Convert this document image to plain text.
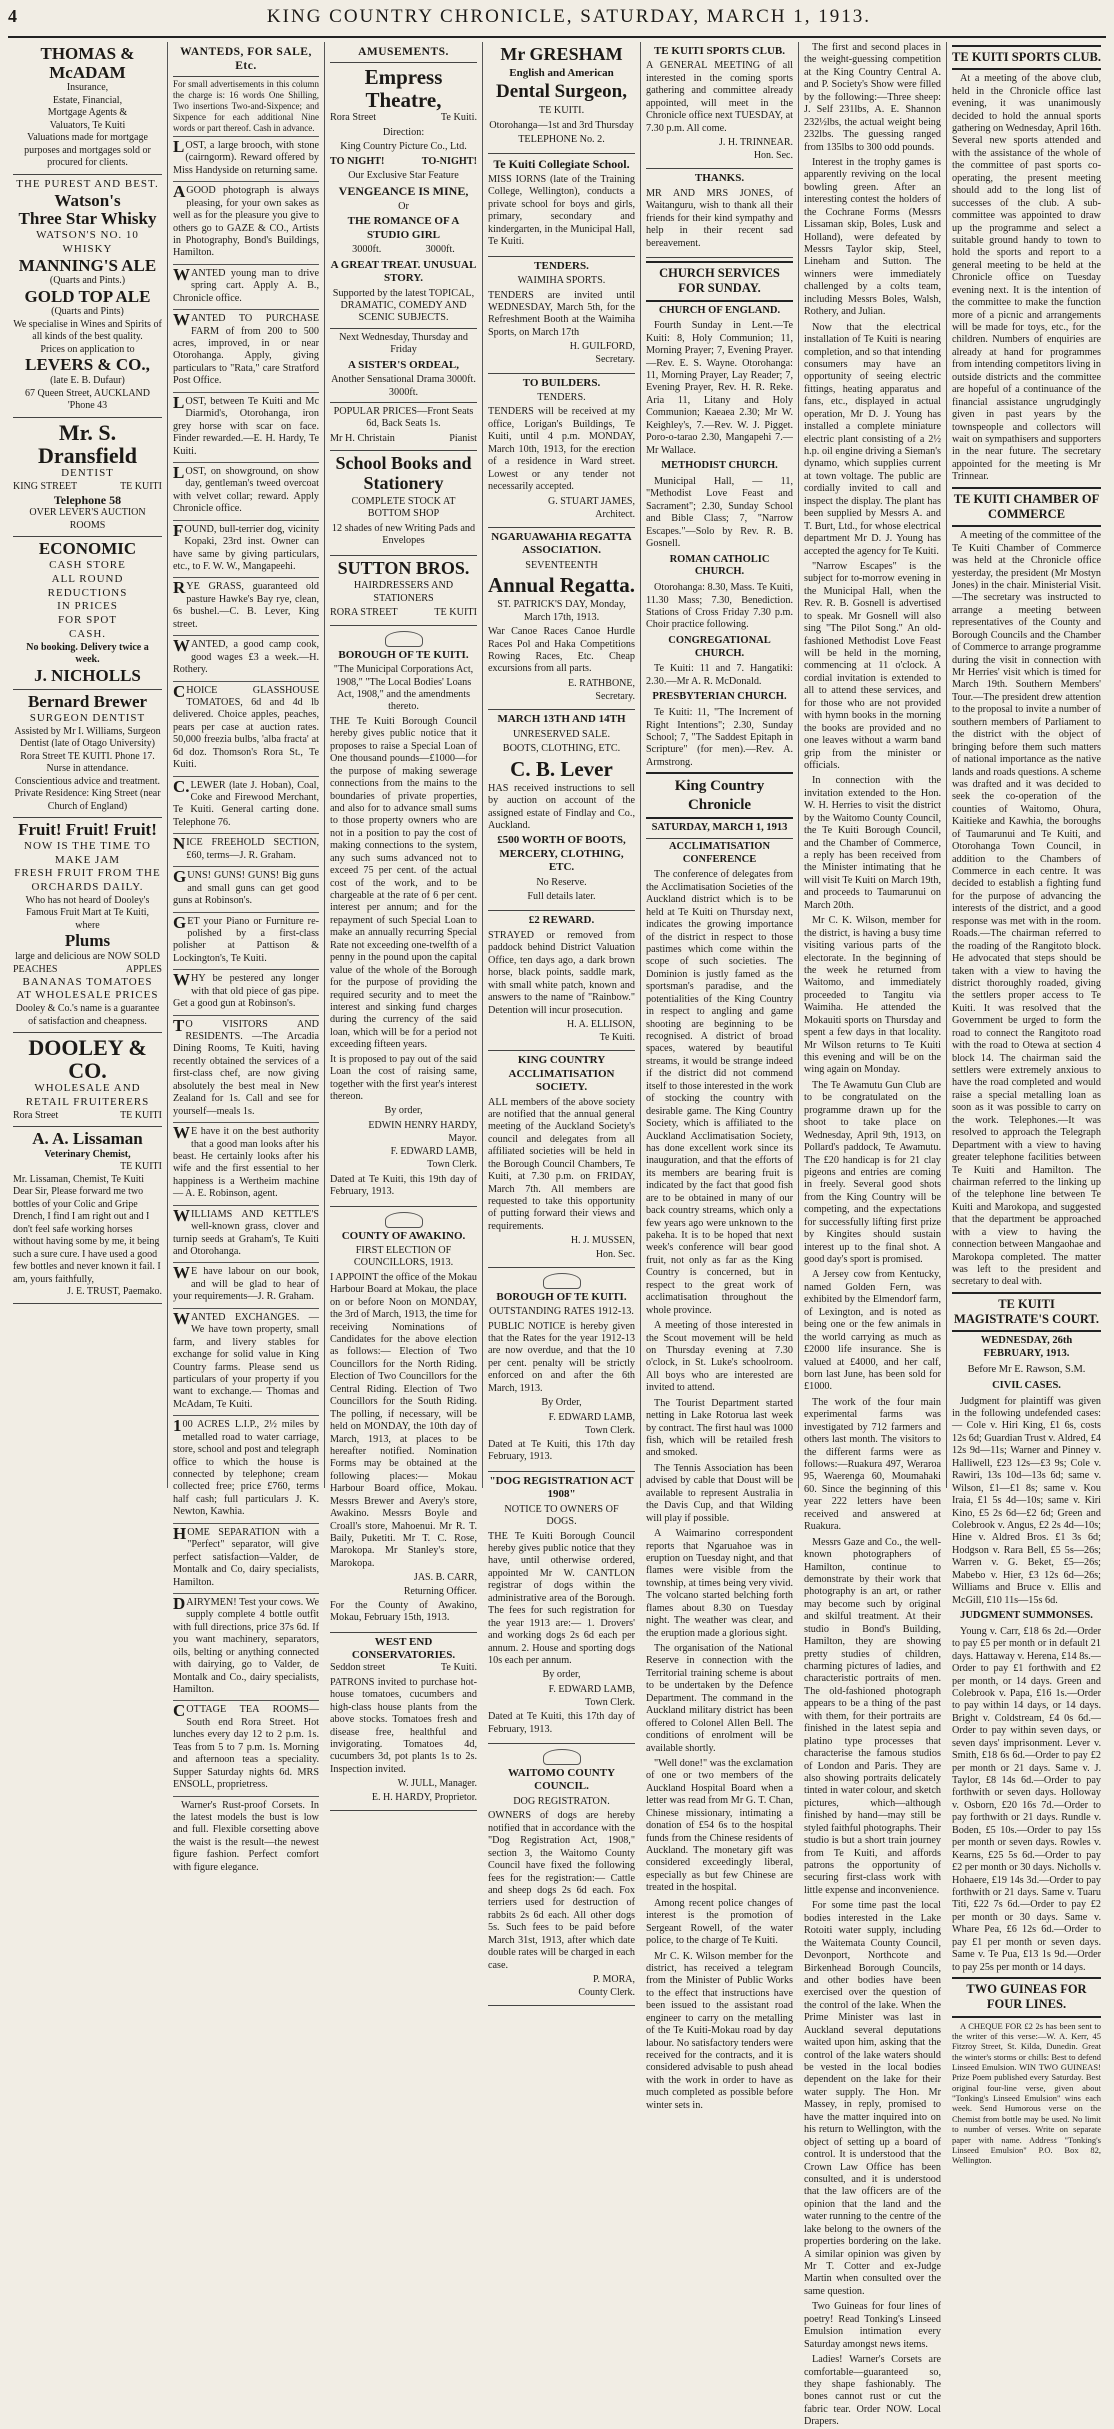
4	KING COUNTRY CHRONICLE, SATURDAY, MARCH 1, 1913.
THOMAS & McADAM
Insurance,
Estate, Financial,
Mortgage Agents &
Valuators, Te Kuiti
Valuations made for mortgage purposes and mortgages sold or procured for clients.
THE PUREST AND BEST.
Watson's
Three Star Whisky
WATSON'S NO. 10 WHISKY
MANNING'S ALE
(Quarts and Pints.)
GOLD TOP ALE
(Quarts and Pints)
We specialise in Wines and Spirits of all kinds of the best quality.
Prices on application to
LEVERS & CO.,
(late E. B. Dufaur)
67 Queen Street, AUCKLAND
'Phone 43
Mr. S. Dransfield
DENTIST
KING STREET	TE KUITI
Telephone 58
OVER LEVER'S AUCTION ROOMS
ECONOMIC
CASH STORE
ALL ROUND
REDUCTIONS
IN PRICES
FOR SPOT
CASH.
No booking. Delivery twice a week.
J. NICHOLLS
Bernard Brewer
SURGEON DENTIST
Assisted by Mr I. Williams, Surgeon Dentist (late of Otago University) Rora Street TE KUITI. Phone 17.
Nurse in attendance.
Conscientious advice and treatment.
Private Residence: King Street (near Church of England)
Fruit! Fruit! Fruit!
NOW IS THE TIME TO MAKE JAM
FRESH FRUIT FROM THE ORCHARDS DAILY.
Who has not heard of Dooley's Famous Fruit Mart at Te Kuiti, where
Plums
large and delicious are NOW SOLD
PEACHES	APPLES
BANANAS TOMATOES
AT WHOLESALE PRICES
Dooley & Co.'s name is a guarantee of satisfaction and cheapness.
DOOLEY & CO.
WHOLESALE AND RETAIL FRUITERERS
Rora Street	TE KUITI
A. A. Lissaman
Veterinary Chemist,
TE KUITI
Mr. Lissaman, Chemist, Te Kuiti Dear Sir, Please forward me two bottles of your Colic and Gripe Drench, I find I am right out and I don't feel safe working horses without having some by me, it being such a sure cure. I have used a good few bottles and never known it fail. I am, yours faithfully,
J. E. TRUST, Paemako.
WANTEDS, FOR SALE, Etc.
For small advertisements in this column the charge is: 16 words One Shilling, Two insertions Two-and-Sixpence; and Sixpence for each additional Nine words or part thereof. Cash in advance.
LOST, a large brooch, with stone (cairngorm). Reward offered by Miss Handyside on returning same.
AGOOD photograph is always pleasing, for your own sakes as well as for the pleasure you give to others go to GAZE & CO., Artists in Photography, Bond's Buildings, Hamilton.
WANTED young man to drive spring cart. Apply A. B., Chronicle office.
WANTED TO PURCHASE FARM of from 200 to 500 acres, improved, in or near Otorohanga. Apply, giving particulars to "Rata," care Stratford Post Office.
LOST, between Te Kuiti and Mc Diarmid's, Otorohanga, iron grey horse with scar on face. Finder rewarded.—E. H. Hardy, Te Kuiti.
LOST, on showground, on show day, gentleman's tweed overcoat with velvet collar; reward. Apply Chronicle office.
FOUND, bull-terrier dog, vicinity Kopaki, 23rd inst. Owner can have same by giving particulars, etc., to F. W. W., Mangapeehi.
RYE GRASS, guaranteed old pasture Hawke's Bay rye, clean, 6s bushel.—C. B. Lever, King street.
WANTED, a good camp cook, good wages £3 a week.—H. Rothery.
CHOICE GLASSHOUSE TOMATOES, 6d and 4d lb delivered. Choice apples, peaches, pears per case at auction rates. 50,000 freezia bulbs, 'alba fracta' at 6d doz. Thomson's Rora St., Te Kuiti.
C.LEWER (late J. Hoban), Coal, Coke and Firewood Merchant, Te Kuiti. General carting done. Telephone 76.
NICE FREEHOLD SECTION, £60, terms—J. R. Graham.
GUNS! GUNS! GUNS! Big guns and small guns can get good guns at Robinson's.
GET your Piano or Furniture re-polished by a first-class polisher at Pattison & Lockington's, Te Kuiti.
WHY be pestered any longer with that old piece of gas pipe. Get a good gun at Robinson's.
TO VISITORS AND RESIDENTS. —The Arcadia Dining Rooms, Te Kuiti, having recently obtained the services of a first-class chef, are now giving absolutely the best meal in New Zealand for 1s. Call and see for yourself—meals 1s.
WE have it on the best authority that a good man looks after his beast. He certainly looks after his wife and the first essential to her happiness is a Wertheim machine— A. E. Robinson, agent.
WILLIAMS AND KETTLE'S well-known grass, clover and turnip seeds at Graham's, Te Kuiti and Otorohanga.
WE have labour on our book, and will be glad to hear of your requirements—J. R. Graham.
WANTED EXCHANGES. — We have town property, small farm, and livery stables for exchange for solid value in King Country farms. Please send us particulars of your property if you want to exchange.— Thomas and McAdam, Te Kuiti.
100 ACRES L.I.P., 2½ miles by metalled road to water carriage, store, school and post and telegraph office to which the house is connected by telephone; cream collected free; price £760, terms half cash; full particulars J. K. Newton, Kawhia.
HOME SEPARATION with a "Perfect" separator, will give perfect satisfaction—Valder, de Montalk and Co, dairy specialists, Hamilton.
DAIRYMEN! Test your cows. We supply complete 4 bottle outfit with full directions, price 37s 6d. If you want machinery, separators, oils, belting or anything connected with dairying, go to Valder, de Montalk and Co., dairy specialists, Hamilton.
COTTAGE TEA ROOMS—South end Rora Street. Hot lunches every day 12 to 2 p.m. 1s. Teas from 5 to 7 p.m. 1s. Morning and afternoon teas a speciality. Supper Saturday nights 6d. MRS ENSOLL, proprietress.
Warner's Rust-proof Corsets. In the latest models the bust is low and full. Flexible corsetting above the waist is the result—the newest figure fashion. Perfect comfort with figure elegance.
AMUSEMENTS.
Empress Theatre,
Rora Street	Te Kuiti.

Direction:

King Country Picture Co., Ltd.

TO NIGHT!	TO-NIGHT!

Our Exclusive Star Feature

VENGEANCE IS MINE,

Or

THE ROMANCE OF A STUDIO GIRL

3000ft.	3000ft.

A GREAT TREAT. UNUSUAL STORY.

Supported by the latest TOPICAL, DRAMATIC, COMEDY AND SCENIC SUBJECTS.

Next Wednesday, Thursday and Friday

A SISTER'S ORDEAL,

Another Sensational Drama 3000ft. 3000ft.

POPULAR PRICES—Front Seats 6d, Back Seats 1s.

Mr H. Christain	Pianist
School Books and Stationery

COMPLETE STOCK AT BOTTOM SHOP

12 shades of new Writing Pads and Envelopes

SUTTON BROS.

HAIRDRESSERS AND STATIONERS

RORA STREET	TE KUITI
BOROUGH OF TE KUITI.

"The Municipal Corporations Act, 1908," "The Local Bodies' Loans Act, 1908," and the amendments thereto.

THE Te Kuiti Borough Council hereby gives public notice that it proposes to raise a Special Loan of One thousand pounds—£1000—for the purpose of making sewerage connections from the mains to the boundaries of private properties, and also for to advance small sums to those property owners who are not in a position to pay the cost of making connections to the system, any such sums advanced not to exceed 75 per cent. of the actual cost of the work, and to be chargeable at the rate of 6 per cent. interest per annum; and for the repayment of such Special Loan to make an annually recurring Special Rate not exceeding one-twelfth of a penny in the pound upon the capital value of the whole of the Borough for the purpose of providing the required security and to meet the interest and sinking fund charges during the currency of the said loan, which will be for a period not exceeding fifteen years.
It is proposed to pay out of the said Loan the cost of raising same, together with the first year's interest thereon.

By order,

EDWIN HENRY HARDY,
Mayor.
F. EDWARD LAMB,
Town Clerk.
Dated at Te Kuiti, this 19th day of February, 1913.
COUNTY OF AWAKINO.

FIRST ELECTION OF COUNCILLORS, 1913.

I APPOINT the office of the Mokau Harbour Board at Mokau, the place on or before Noon on MONDAY, the 3rd of March, 1913, the time for receiving Nominations of Candidates for the above election as follows:— Election of Two Councillors for the North Riding. Election of Two Councillors for the Central Riding. Election of Two Councillors for the South Riding. The polling, if necessary, will be held on MONDAY, the 10th day of March, 1913, at places to be hereafter notified. Nomination Forms may be obtained at the following places:— Mokau Harbour Board office, Mokau. Messrs Brewer and Avery's store, Awakino. Messrs Boyle and Croall's store, Mahoenui. Mr R. T. Baily, Puketiti. Mr T. C. Rose, Marokopa. Mr Stanley's store, Marokopa.
JAS. B. CARR,
Returning Officer.
For the County of Awakino, Mokau, February 15th, 1913.
WEST END CONSERVATORIES.
Seddon street	Te Kuiti.
PATRONS invited to purchase hot-house tomatoes, cucumbers and high-class house plants from the above stocks. Tomatoes fresh and disease free, healthful and invigorating. Tomatoes 4d, cucumbers 3d, pot plants 1s to 2s. Inspection invited.
W. JULL, Manager.
E. H. HARDY, Proprietor.
Mr GRESHAM

English and American

Dental Surgeon,

TE KUITI.

Otorohanga—1st and 3rd Thursday

TELEPHONE No. 2.

Te Kuiti Collegiate School.
MISS IORNS (late of the Training College, Wellington), conducts a private school for boys and girls, primary, secondary and kindergarten, in the Municipal Hall, Te Kuiti.
TENDERS.

WAIMIHA SPORTS.

TENDERS are invited until WEDNESDAY, March 5th, for the Refreshment Booth at the Waimiha Sports, on March 17th
H. GUILFORD,
Secretary.
TO BUILDERS.

TENDERS.

TENDERS will be received at my office, Lorigan's Buildings, Te Kuiti, until 4 p.m. MONDAY, March 10th, 1913, for the erection of a residence in Ward street. Lowest or any tender not necessarily accepted.
G. STUART JAMES,
Architect.
NGARUAWAHIA REGATTA ASSOCIATION.

SEVENTEENTH

Annual Regatta.

ST. PATRICK'S DAY, Monday, March 17th, 1913.

War Canoe Races Canoe Hurdle Races Pol and Haka Competitions Rowing Races, Etc. Cheap excursions from all parts.
E. RATHBONE,
Secretary.
MARCH 13TH AND 14TH

UNRESERVED SALE.

BOOTS, CLOTHING, ETC.

C. B. Lever
HAS received instructions to sell by auction on account of the assigned estate of Findlay and Co., Auckland.

£500 WORTH OF BOOTS, MERCERY, CLOTHING, ETC.

No Reserve.

Full details later.

£2 REWARD.
STRAYED or removed from paddock behind District Valuation Office, ten days ago, a dark brown horse, black points, saddle mark, with small white patch, known and answers to the name of "Rainbow." Detention will incur prosecution.
H. A. ELLISON,
Te Kuiti.
KING COUNTRY ACCLIMATISATION SOCIETY.
ALL members of the above society are notified that the annual general meeting of the Auckland Society's council and delegates from all affiliated societies will be held in the Borough Council Chambers, Te Kuiti, at 7.30 p.m. on FRIDAY, March 7th. All members are requested to take this opportunity of putting forward their views and requirements.
H. J. MUSSEN,
Hon. Sec.
BOROUGH OF TE KUITI.

OUTSTANDING RATES 1912-13.

PUBLIC NOTICE is hereby given that the Rates for the year 1912-13 are now overdue, and that the 10 per cent. penalty will be strictly enforced on and after the 6th March, 1913.

By Order,

F. EDWARD LAMB,
Town Clerk.
Dated at Te Kuiti, this 17th day February, 1913.
"DOG REGISTRATION ACT 1908"

NOTICE TO OWNERS OF DOGS.

THE Te Kuiti Borough Council hereby gives public notice that they have, until otherwise ordered, appointed Mr W. CANTLON registrar of dogs within the administrative area of the Borough. The fees for such registration for the year 1913 are:— 1. Drovers' and working dogs 2s 6d each per annum. 2. House and sporting dogs 10s each per annum.

By order,

F. EDWARD LAMB,
Town Clerk.
Dated at Te Kuiti, this 17th day of February, 1913.
WAITOMO COUNTY COUNCIL.

DOG REGISTRATON.

OWNERS of dogs are hereby notified that in accordance with the "Dog Registration Act, 1908," section 3, the Waitomo County Council have fixed the following fees for the registration:— Cattle and sheep dogs 2s 6d each. Fox terriers used for destruction of rabbits 2s 6d each. All other dogs 5s. Such fees to be paid before March 31st, 1913, after which date double rates will be charged in each case.
P. MORA,
County Clerk.
TE KUITI SPORTS CLUB.
A GENERAL MEETING of all interested in the coming sports gathering and committee already appointed, will meet in the Chronicle office next TUESDAY, at 7.30 p.m. All come.
J. H. TRINNEAR.
Hon. Sec.
THANKS.
MR AND MRS JONES, of Waitanguru, wish to thank all their friends for their kind sympathy and help in their recent sad bereavement.
CHURCH SERVICES FOR SUNDAY.
CHURCH OF ENGLAND.
Fourth Sunday in Lent.—Te Kuiti: 8, Holy Communion; 11, Morning Prayer; 7, Evening Prayer.—Rev. E. S. Wayne. Otorohanga: 11, Morning Prayer, Lay Reader; 7, Evening Prayer, Rev. H. R. Reke. Aria 11, Litany and Holy Communion; Kaeaea 2.30; Mr W. Keighley's, 7.—Rev. W. J. Pigget. Poro-o-tarao 2.30, Mangapehi 7.—Mr Wallace.
METHODIST CHURCH.
Municipal Hall, — 11, "Methodist Love Feast and Sacrament"; 2.30, Sunday School and Bible Class; 7, "Narrow Escapes."—Solo by Rev. R. B. Gosnell.
ROMAN CATHOLIC CHURCH.
Otorohanga: 8.30, Mass. Te Kuiti, 11.30 Mass; 7.30, Benediction. Stations of Cross Friday 7.30 p.m. Choir practice following.
CONGREGATIONAL CHURCH.
Te Kuiti: 11 and 7. Hangatiki: 2.30.—Mr A. R. McDonald.
PRESBYTERIAN CHURCH.
Te Kuiti: 11, "The Increment of Right Intentions"; 2.30, Sunday School; 7, "The Saddest Epitaph in Scripture" (for men).—Rev. A. Armstrong.
King Country Chronicle
SATURDAY, MARCH 1, 1913
ACCLIMATISATION CONFERENCE
The conference of delegates from the Acclimatisation Societies of the Auckland district which is to be held at Te Kuiti on Thursday next, indicates the growing importance of the district in respect to those pastimes which come within the scope of such societies. The Dominion is justly famed as the sportsman's paradise, and the potentialities of the King Country in respect to angling and game shooting are beginning to be recognised. A district of broad spaces, watered by beautiful streams, it would be strange indeed if the district did not commend itself to those interested in the work of stocking the country with desirable game. The King Country Society, which is affiliated to the Auckland Acclimatisation Society, has done excellent work since its inauguration, and that the efforts of its members are bearing fruit is indicated by the fact that good fish are to be obtained in many of our back country streams, which only a few years ago were unknown to the pakeha. It is to be hoped that next week's conference will bear good fruit, not only as far as the King Country is concerned, but in respect to the great work of acclimatisation throughout the whole province.
A meeting of those interested in the Scout movement will be held on Thursday evening at 7.30 o'clock, in St. Luke's schoolroom. All boys who are interested are invited to attend.
The Tourist Department started netting in Lake Rotorua last week by contract. The first haul was 1000 fish, which will be retailed fresh and smoked.
The Tennis Association has been advised by cable that Doust will be available to represent Australia in the Davis Cup, and that Wilding will play if possible.
A Waimarino correspondent reports that Ngaruahoe was in eruption on Tuesday night, and that flames were visible from the township, at times being very vivid. The volcano started belching forth flames about 8.30 on Tuesday night. The weather was clear, and the eruption made a glorious sight.
The organisation of the National Reserve in connection with the Territorial training scheme is about to be undertaken by the Defence Department. The command in the Auckland military district has been offered to Colonel Allen Bell. The conditions of enrolment will be available shortly.
"Well done!" was the exclamation of one or two members of the Auckland Hospital Board when a letter was read from Mr G. T. Chan, Chinese missionary, intimating a donation of £54 6s to the hospital funds from the Chinese residents of Auckland. The monetary gift was considered exceedingly liberal, especially as but few Chinese are treated in the hospital.
Among recent police changes of interest is the promotion of Sergeant Rowell, of the water police, to the charge of Te Kuiti.
Mr C. K. Wilson member for the district, has received a telegram from the Minister of Public Works to the effect that instructions have been issued to the assistant road engineer to carry on the metalling of the Te Kuiti-Mokau road by day labour. No satisfactory tenders were received for the contracts, and it is considered advisable to push ahead with the work in order to have as much completed as possible before winter sets in.
The first and second places in the weight-guessing competition at the King Country Central A. and P. Society's Show were filled by the following:—Three sheep: J. Self 231lbs, A. E. Shannon 232½lbs, the actual weight being 232lbs. The guessing ranged from 135lbs to 300 odd pounds.
Interest in the trophy games is apparently reviving on the local bowling green. After an interesting contest the holders of the Cochrane Forms (Messrs Lissaman skip, Boles, Lusk and Holland), were defeated by Messrs Taylor skip, Steel, Lineham and Sutton. The winners were immediately challenged by a colts team, including Messrs Boles, Walsh, Rothery, and Julian.
Now that the electrical installation of Te Kuiti is nearing completion, and so that intending consumers may have an opportunity of seeing electric fittings, heating apparatus and fans, etc., displayed in actual operation, Mr D. J. Young has installed a complete miniature electric plant consisting of a 2½ h.p. oil engine driving a Sieman's dynamo, which supplies current at town voltage. The public are cordially invited to call and inspect the display. The plant has been supplied by Messrs A. and T. Burt, Ltd., for whose electrical department Mr D. J. Young has accepted the agency for Te Kuiti.
"Narrow Escapes" is the subject for to-morrow evening in the Municipal Hall, when the Rev. R. B. Gosnell is advertised to speak. Mr Gosnell will also sing "The Pilot Song." An old-fashioned Methodist Love Feast will be held in the morning, commencing at 11 o'clock. A cordial invitation is extended to all to attend these services, and for those who are not provided with hymn books in the morning the books are provided and no one leaves without a warm band grip from the minister or officials.
In connection with the invitation extended to the Hon. W. H. Herries to visit the district by the Waitomo County Council, the Te Kuiti Borough Council, and the Chamber of Commerce, a reply has been received from the Minister intimating that he will visit Te Kuiti on March 19th, and proceeds to Taumarunui on March 20th.
Mr C. K. Wilson, member for the district, is having a busy time visiting various parts of the electorate. In the beginning of the week he returned from Waitomo, and immediately proceeded to Tangitu via Waimiha. He attended the Mokauiti sports on Thursday and spent a few days in that locality. Mr Wilson returns to Te Kuiti this evening and will be on the wing again on Monday.
The Te Awamutu Gun Club are to be congratulated on the programme drawn up for the shoot to take place on Wednesday, April 9th, 1913, on Pollard's paddock, Te Awamutu. The £20 handicap is for 21 clay pigeons and entries are coming in freely. Several good shots from the King Country will be competing, and the expectations for successfully lifting first prize by Kingites should sustain interest up to the final shot. A good day's sport is promised.
A Jersey cow from Kentucky, named Golden Fern, was exhibited by the Elmendorf farm, of Lexington, and is noted as being one or the few animals in the world carrying as much as £2000 life insurance. She is valued at £4000, and her calf, born last June, has been sold for £1000.
The work of the four main experimental farms was investigated by 712 farmers and others last month. The visitors to the different farms were as follows:—Ruakura 497, Weraroa 95, Waerenga 60, Moumahaki 60. Since the beginning of this year 222 letters have been received and answered at Ruakura.
Messrs Gaze and Co., the well-known photographers of Hamilton, continue to demonstrate by their work that photography is an art, or rather may become such by original and skilful treatment. At their studio in Bond's Building, Hamilton, they are showing pretty studies of children, charming pictures of ladies, and characteristic portraits of men. The old-fashioned photograph appears to be a thing of the past with them, for their portraits are finished in the latest sepia and platino type processes that characterise the famous studios of London and Paris. They are also showing portraits delicately tinted in water colour, and sketch pictures, which—although finished by hand—may still be styled faithful photographs. Their studio is but a short train journey from Te Kuiti, and affords patrons the opportunity of securing first-class work with little expense and inconvenience.
For some time past the local bodies interested in the Lake Rotoiti water supply, including the Waitemata County Council, Devonport, Northcote and Birkenhead Borough Councils, and other bodies have been exercised over the question of the control of the lake. When the Prime Minister was last in Auckland several deputations waited upon him, asking that the control of the lake waters should be vested in the local bodies dependent on the lake for their water supply. The Hon. Mr Massey, in reply, promised to have the matter inquired into on his return to Wellington, with the object of setting up a board of control. It is understood that the Crown Law Office has been consulted, and it is understood that the law officers are of the opinion that the land and the water running to the centre of the lake belong to the owners of the properties bordering on the lake. A similar opinion was given by Mr T. Cotter and ex-Judge Martin when consulted over the same question.
Two Guineas for four lines of poetry! Read Tonking's Linseed Emulsion intimation every Saturday amongst news items.
Ladies! Warner's Corsets are comfortable—guaranteed so, they shape fashionably. The bones cannot rust or cut the fabric tear. Order NOW. Local Drapers.
TE KUITI SPORTS CLUB.
At a meeting of the above club, held in the Chronicle office last evening, it was unanimously decided to hold the annual sports gathering on Wednesday, April 16th. Several new sports attended and with the assistance of the whole of the committee of past sports co-operating, the present meeting should add to the long list of successes of the club. A sub-committee was appointed to draw up the programme and select a suitable ground handy to town to hold the sports and report to a general meeting to be held at the Chronicle office on Tuesday evening next. It is the intention of the committee to make the function more of a picnic and arrangements will be made for toys, etc., for the children. Numbers of enquiries are already at hand for programmes from intending competitors living in outside districts and the committee are hopeful of a continuance of the financial assistance ungrudgingly given in past years by the townspeople and collectors will wait on sympathisers and supporters in the near future. The secretary appointed for the meeting is Mr Trinnear.
TE KUITI CHAMBER OF COMMERCE
A meeting of the committee of the Te Kuiti Chamber of Commerce was held at the Chronicle office yesterday, the president (Mr Mostyn Jones) in the chair. Ministerial Visit.—The secretary was instructed to arrange a meeting between representatives of the County and Borough Councils and the Chamber of Commerce to arrange programme during the visit in connection with Mr Herries' visit which is timed for March 19th. Southern Members' Tour.—The president drew attention to the proposal to invite a number of southern members of Parliament to the district with the object of bringing before them such matters of national importance as the native lands and roads questions. A scheme was drafted and it was decided to seek the co-operation of the counties of Waitomo, Ohura, Kaitieke and Kawhia, the boroughs of Taumarunui and Te Kuiti, and Otorohanga Town Council, in addition to the Chambers of Commerce in each centre. It was decided to establish a fighting fund for the purpose of advancing the interests of the district, and a good response was met with in the room. Roads.—The chairman referred to the roading of the Rangitoto block. He advocated that steps should be taken with a view to having the district thoroughly roaded, giving the settlers proper access to Te Kuiti. It was resolved that the Government be urged to form the road to connect the Rangitoto road with the road to Otewa at section 4 block 14. The chairman said the settlers were extremely anxious to have the road completed and would raise a special metalling loan as soon as it was possible to carry on the work. Telephones.—It was resolved to approach the Telegraph Department with a view to having greater telephone facilities between Te Kuiti and Hamilton. The chairman referred to the linking up of the telephone line between Te Kuiti and Marokopa, and suggested that the department be approached with a view to having the connection between Mangaohae and Marokopa completed. The matter was left to the president and secretary to deal with.
TE KUITI MAGISTRATE'S COURT.
WEDNESDAY, 26th FEBRUARY, 1913.
Before Mr E. Rawson, S.M.
CIVIL CASES.
Judgment for plaintiff was given in the following undefended cases:— Cole v. Hiri King, £1 6s, costs 12s 6d; Guardian Trust v. Aldred, £4 12s 9d—11s; Warner and Pinney v. Halliwell, £23 12s—£3 9s; Cole v. Rawiri, 13s 10d—13s 6d; same v. Wilson, £1—£1 8s; same v. Kou Iraia, £1 5s 4d—10s; same v. Kiri Kino, £5 2s 6d—£2 6d; Green and Colebrook v. Angus, £2 2s 4d—10s; Hine v. Aldred Bros. £1 3s 6d; Hodgson v. Rara Bell, £5 5s—26s; Warren v. G. Beket, £5—26s; Mabebo v. Hier, £3 12s 6d—26s; Williams and Bruce v. Ellis and McGill, £10 11s—15s 6d.
JUDGMENT SUMMONSES.
Young v. Carr, £18 6s 2d.—Order to pay £5 per month or in default 21 days. Hattaway v. Herena, £14 8s.—Order to pay £1 forthwith and £2 per month, or 14 days. Green and Colebrook v. Papa, £16 1s.—Order to pay within 14 days, or 14 days. Bright v. Coldstream, £4 0s 6d.—Order to pay within seven days, or seven days' imprisonment. Lever v. Smith, £18 6s 6d.—Order to pay £2 per month or 21 days. Same v. J. Taylor, £8 14s 6d.—Order to pay forthwith or seven days. Holloway v. Osborn, £20 16s 7d.—Order to pay forthwith or 21 days. Rundle v. Boden, £5 10s.—Order to pay 15s per month or seven days. Rowles v. Kearns, £25 5s 6d.—Order to pay £2 per month or 30 days. Nicholls v. Hohaere, £19 14s 3d.—Order to pay forthwith or 21 days. Same v. Tuaru Titi, £22 7s 6d.—Order to pay £2 per month or 30 days. Same v. Whare Pea, £6 12s 6d.—Order to pay £1 per month or seven days. Same v. Te Pua, £13 1s 9d.—Order to pay 25s per month or 14 days.
TWO GUINEAS FOR FOUR LINES.
A CHEQUE FOR £2 2s has been sent to the writer of this verse:—W. A. Kerr, 45 Fitzroy Street, St. Kilda, Dunedin. Great the winter's storms or chills: Best to defend Linseed Emulsion. WIN TWO GUINEAS! Prize Poem published every Saturday. Best original four-line verse, given about "Tonking's Linseed Emulsion" wins each week. Send Humorous verse on the Chemist from bottle may be used. No limit to number of verses. Write on separate paper with name. Address "Tonking's Linseed Emulsion" P.O. Box 82, Wellington.
